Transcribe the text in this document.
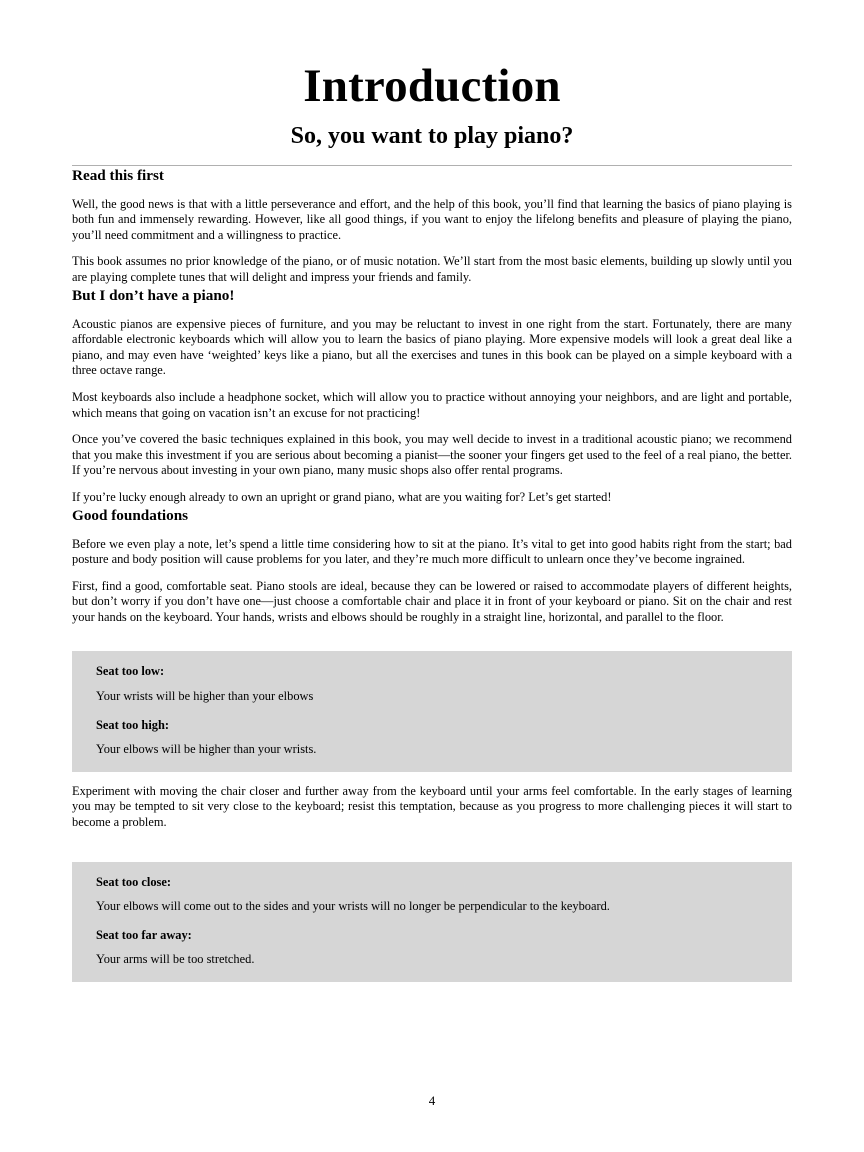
Introduction
So, you want to play piano?
Read this first

Well, the good news is that with a little perseverance and effort, and the help of this book, you’ll find that learning the basics of piano playing is both fun and immensely rewarding. However, like all good things, if you want to enjoy the lifelong benefits and pleasure of playing the piano, you’ll need commitment and a willingness to practice.

This book assumes no prior knowledge of the piano, or of music notation. We’ll start from the most basic elements, building up slowly until you are playing complete tunes that will delight and impress your friends and family.

But I don’t have a piano!

Acoustic pianos are expensive pieces of furniture, and you may be reluctant to invest in one right from the start. Fortunately, there are many affordable electronic keyboards which will allow you to learn the basics of piano playing. More expensive models will look a great deal like a piano, and may even have ‘weighted’ keys like a piano, but all the exercises and tunes in this book can be played on a simple keyboard with a three octave range.

Most keyboards also include a headphone socket, which will allow you to practice without annoying your neighbors, and are light and portable, which means that going on vacation isn’t an excuse for not practicing!

Once you’ve covered the basic techniques explained in this book, you may well decide to invest in a traditional acoustic piano; we recommend that you make this investment if you are serious about becoming a pianist—the sooner your fingers get used to the feel of a real piano, the better. If you’re nervous about investing in your own piano, many music shops also offer rental programs.

If you’re lucky enough already to own an upright or grand piano, what are you waiting for? Let’s get started!

Good foundations

Before we even play a note, let’s spend a little time considering how to sit at the piano. It’s vital to get into good habits right from the start; bad posture and body position will cause problems for you later, and they’re much more difficult to unlearn once they’ve become ingrained.

First, find a good, comfortable seat. Piano stools are ideal, because they can be lowered or raised to accommodate players of different heights, but don’t worry if you don’t have one—just choose a comfortable chair and place it in front of your keyboard or piano. Sit on the chair and rest your hands on the keyboard. Your hands, wrists and elbows should be roughly in a straight line, horizontal, and parallel to the floor.

Seat too low:

Your wrists will be higher than your elbows

Seat too high:

Your elbows will be higher than your wrists.

Experiment with moving the chair closer and further away from the keyboard until your arms feel comfortable. In the early stages of learning you may be tempted to sit very close to the keyboard; resist this temptation, because as you progress to more challenging pieces it will start to become a problem.

Seat too close:

Your elbows will come out to the sides and your wrists will no longer be perpendicular to the keyboard.

Seat too far away:

Your arms will be too stretched.

4
